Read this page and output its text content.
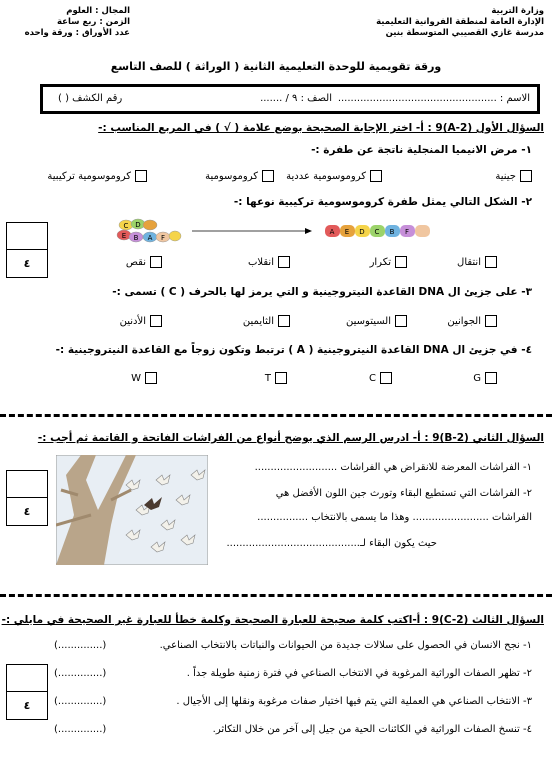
وزارة التربية
الإدارة العامة لمنطقة الفروانية التعليمية
مدرسة غازي القصيبي المتوسطة بنين
المجال : العلوم
الزمن : ربع ساعة
عدد الأوراق : ورقة واحده
ورقة تقويمية للوحدة التعليمية الثانية ( الوراثة ) للصف التاسع
الاسم : ..................................................
الصف : ٩ / .......
رقم الكشف ( )
السؤال الأول (A-2)9 : أ- اختر الإجابة الصحيحة بوضع علامة ( √ ) في المربع المناسب :-
٤
١- مرض الانيميا المنجلية ناتجة عن طفرة :-
جينية
كروموسومية عددية
كروموسومية
كروموسومية تركيبية
٢- الشكل التالي يمثل طفرة كروموسومية تركيبية نوعها :-
C D
E B A F
A E D C B F
انتقال
تكرار
انقلاب
نقص
٣- على جزيئ ال DNA القاعدة النيتروجينية و التي يرمز لها بالحرف ( C ) تسمى :-
الجوانين
السيتوسين
الثايمين
الأدنين
٤- في جزيئ ال DNA القاعدة النيتروجينية ( A ) ترتبط وتكون زوجاً مع القاعدة النيتروجينية :-
G
C
T
W
السؤال الثاني (B-2)9 : أ- ادرس الرسم الذي يوضح أنواع من الفراشات الفاتحة و القاتمة ثم أجب :-
٤
١- الفراشات المعرضة للانقراض هي الفراشات ..........................
٢- الفراشات التي تستطيع البقاء وتورث جين اللون الأفضل هي
الفراشات ........................ وهذا ما يسمى بالانتخاب ................
حيث يكون البقاء لـ..........................................
السؤال الثالث (C-2)9 : أ-اكتب كلمة صحيحة للعبارة الصحيحة وكلمة خطأ للعبارة غير الصحيحة في مايلي :-
٤
١- نجح الانسان في الحصول على سلالات جديدة من الحيوانات والنباتات بالانتخاب الصناعي.
(..............)
٢- تظهر الصفات الوراثية المرغوبة في الانتخاب الصناعي في فترة زمنية طويلة جداً .
(..............)
٣- الانتخاب الصناعي هي العملية التي يتم فيها اختيار صفات مرغوبة ونقلها إلى الأجيال .
(..............)
٤- تنسخ الصفات الوراثية في الكائنات الحية من جيل إلى آخر من خلال التكاثر.
(..............)
